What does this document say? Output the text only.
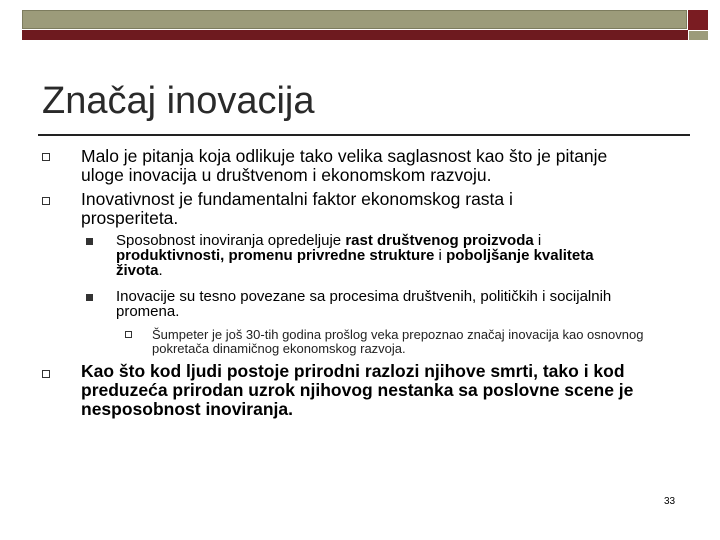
Značaj inovacija
Malo je pitanja koja odlikuje tako velika saglasnost kao što je pitanje uloge inovacija u društvenom i ekonomskom razvoju.
Inovativnost je fundamentalni faktor ekonomskog rasta i prosperiteta.
Sposobnost inoviranja opredeljuje rast društvenog proizvoda i produktivnosti, promenu privredne strukture i poboljšanje kvaliteta života.
Inovacije su tesno povezane sa procesima društvenih, političkih i socijalnih promena.
Šumpeter je još 30-tih godina prošlog veka prepoznao značaj inovacija kao osnovnog pokretača dinamičnog ekonomskog razvoja.
Kao što kod ljudi postoje prirodni razlozi njihove smrti, tako i kod preduzeća prirodan uzrok njihovog nestanka sa poslovne scene je nesposobnost inoviranja.
33
